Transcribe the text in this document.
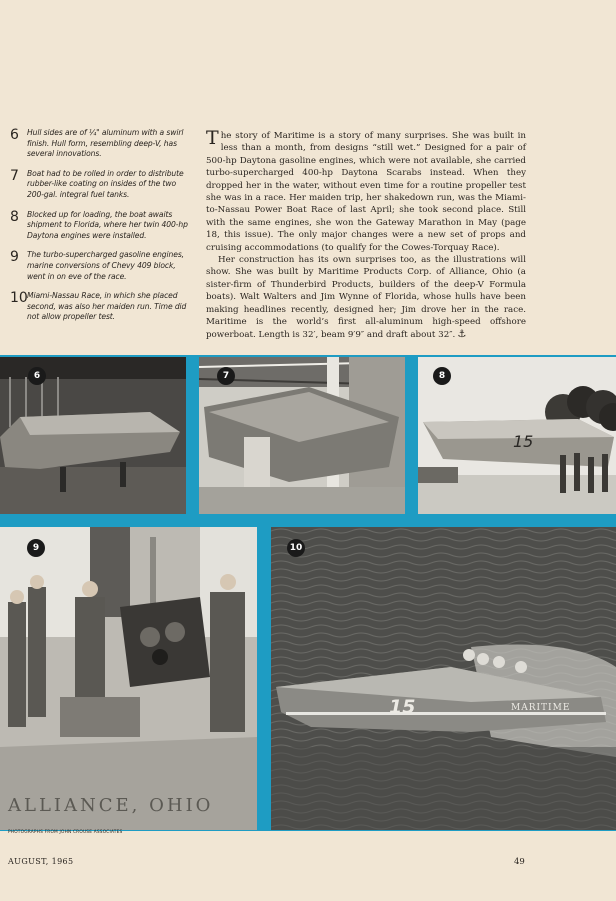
6	Hull sides are of ¼" aluminum with a swirl finish. Hull form, resembling deep-V, has several innovations.
7	Boat had to be rolled in order to distribute rubber-like coating on insides of the two 200-gal. integral fuel tanks.
8	Blocked up for loading, the boat awaits shipment to Florida, where her twin 400-hp Daytona engines were installed.
9	The turbo-supercharged gasoline engines, marine conversions of Chevy 409 block, went in on eve of the race.
10 Miami-Nassau Race, in which she placed second, was also her maiden run. Time did not allow propeller test.

The story of Maritime is a story of many surprises. She was built in less than a month, from designs “still wet.” Designed for a pair of 500-hp Daytona gasoline engines, which were not available, she carried turbo-supercharged 400-hp Daytona Scarabs instead. When they dropped her in the water, without even time for a routine propeller test she was in a race. Her maiden trip, her shakedown run, was the Miami-to-Nassau Power Boat Race of last April; she took second place. Still with the same engines, she won the Gateway Marathon in May (page 18, this issue). The only major changes were a new set of props and cruising accommodations (to qualify for the Cowes-Torquay Race).

Her construction has its own surprises too, as the illustrations will show. She was built by Maritime Products Corp. of Alliance, Ohio (a sister-firm of Thunderbird Products, builders of the deep-V Formula boats). Walt Walters and Jim Wynne of Florida, whose hulls have been making headlines recently, designed her; Jim drove her in the race. Maritime is the world’s first all-aluminum high-speed offshore powerboat. Length is 32′, beam 9′9″ and draft about 32″. ⚓

6	7
15
8
ALLIANCE, OHIO
9
15	MARITIME
10
PHOTOGRAPHS FROM JOHN CROUSE ASSOCIATES
AUGUST, 1965	49
